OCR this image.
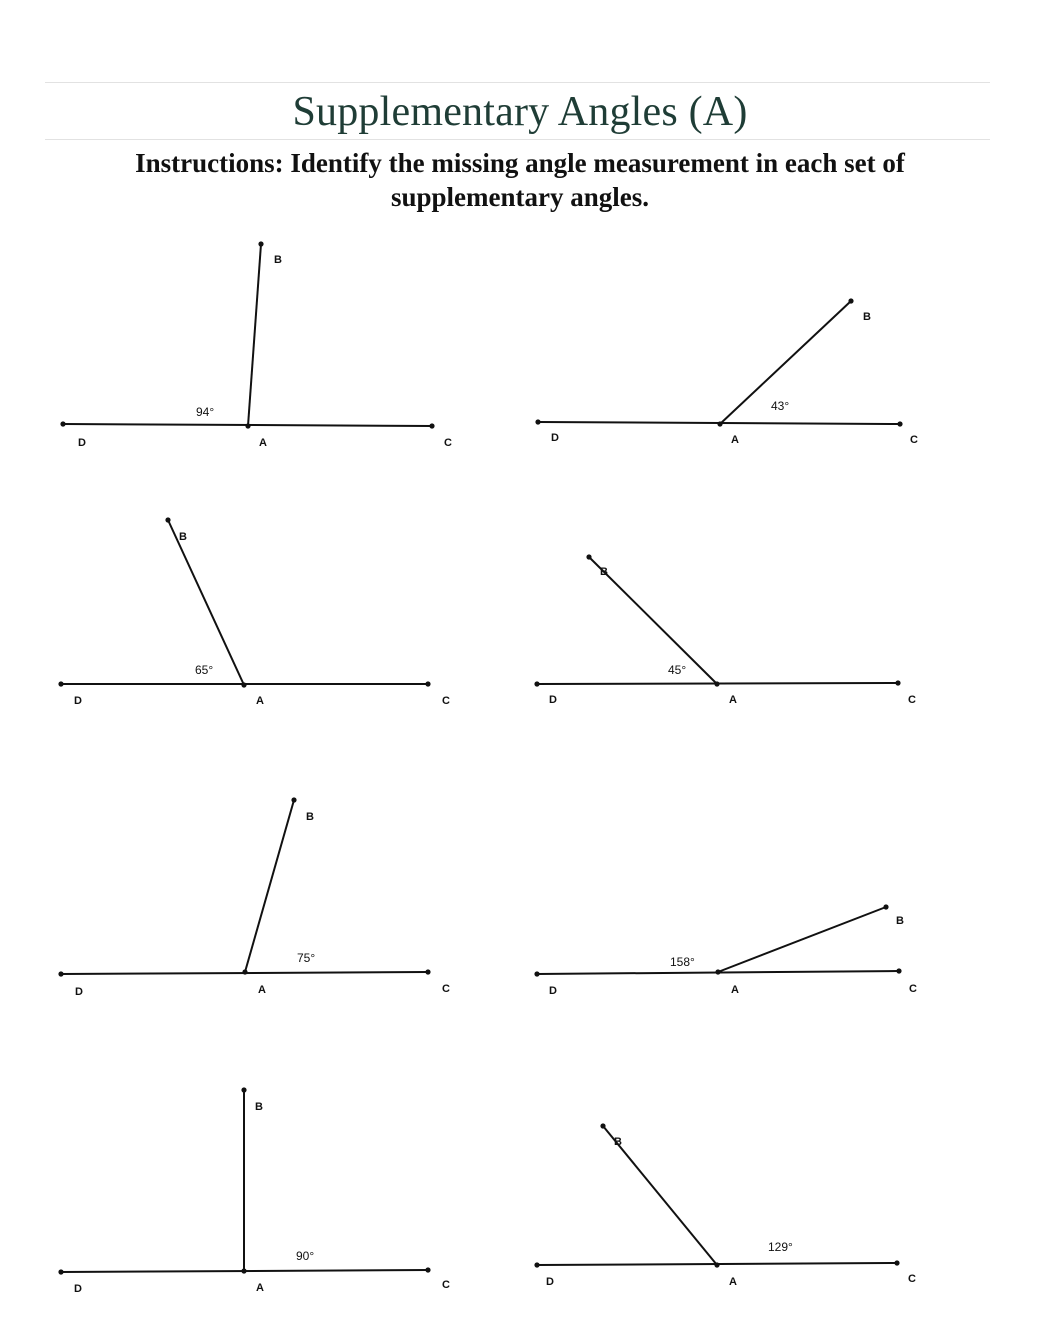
Supplementary Angles (A)
Instructions: Identify the missing angle measurement in each set of supplementary angles.
D	A	C
B
94°
D	A	C
B
43°
D	A	C
B
65°
D	A	C
B
45°
D	A	C
B
75°
D	A	C
B
158°
D	A	C
B
90°
D	A	C
B
129°
